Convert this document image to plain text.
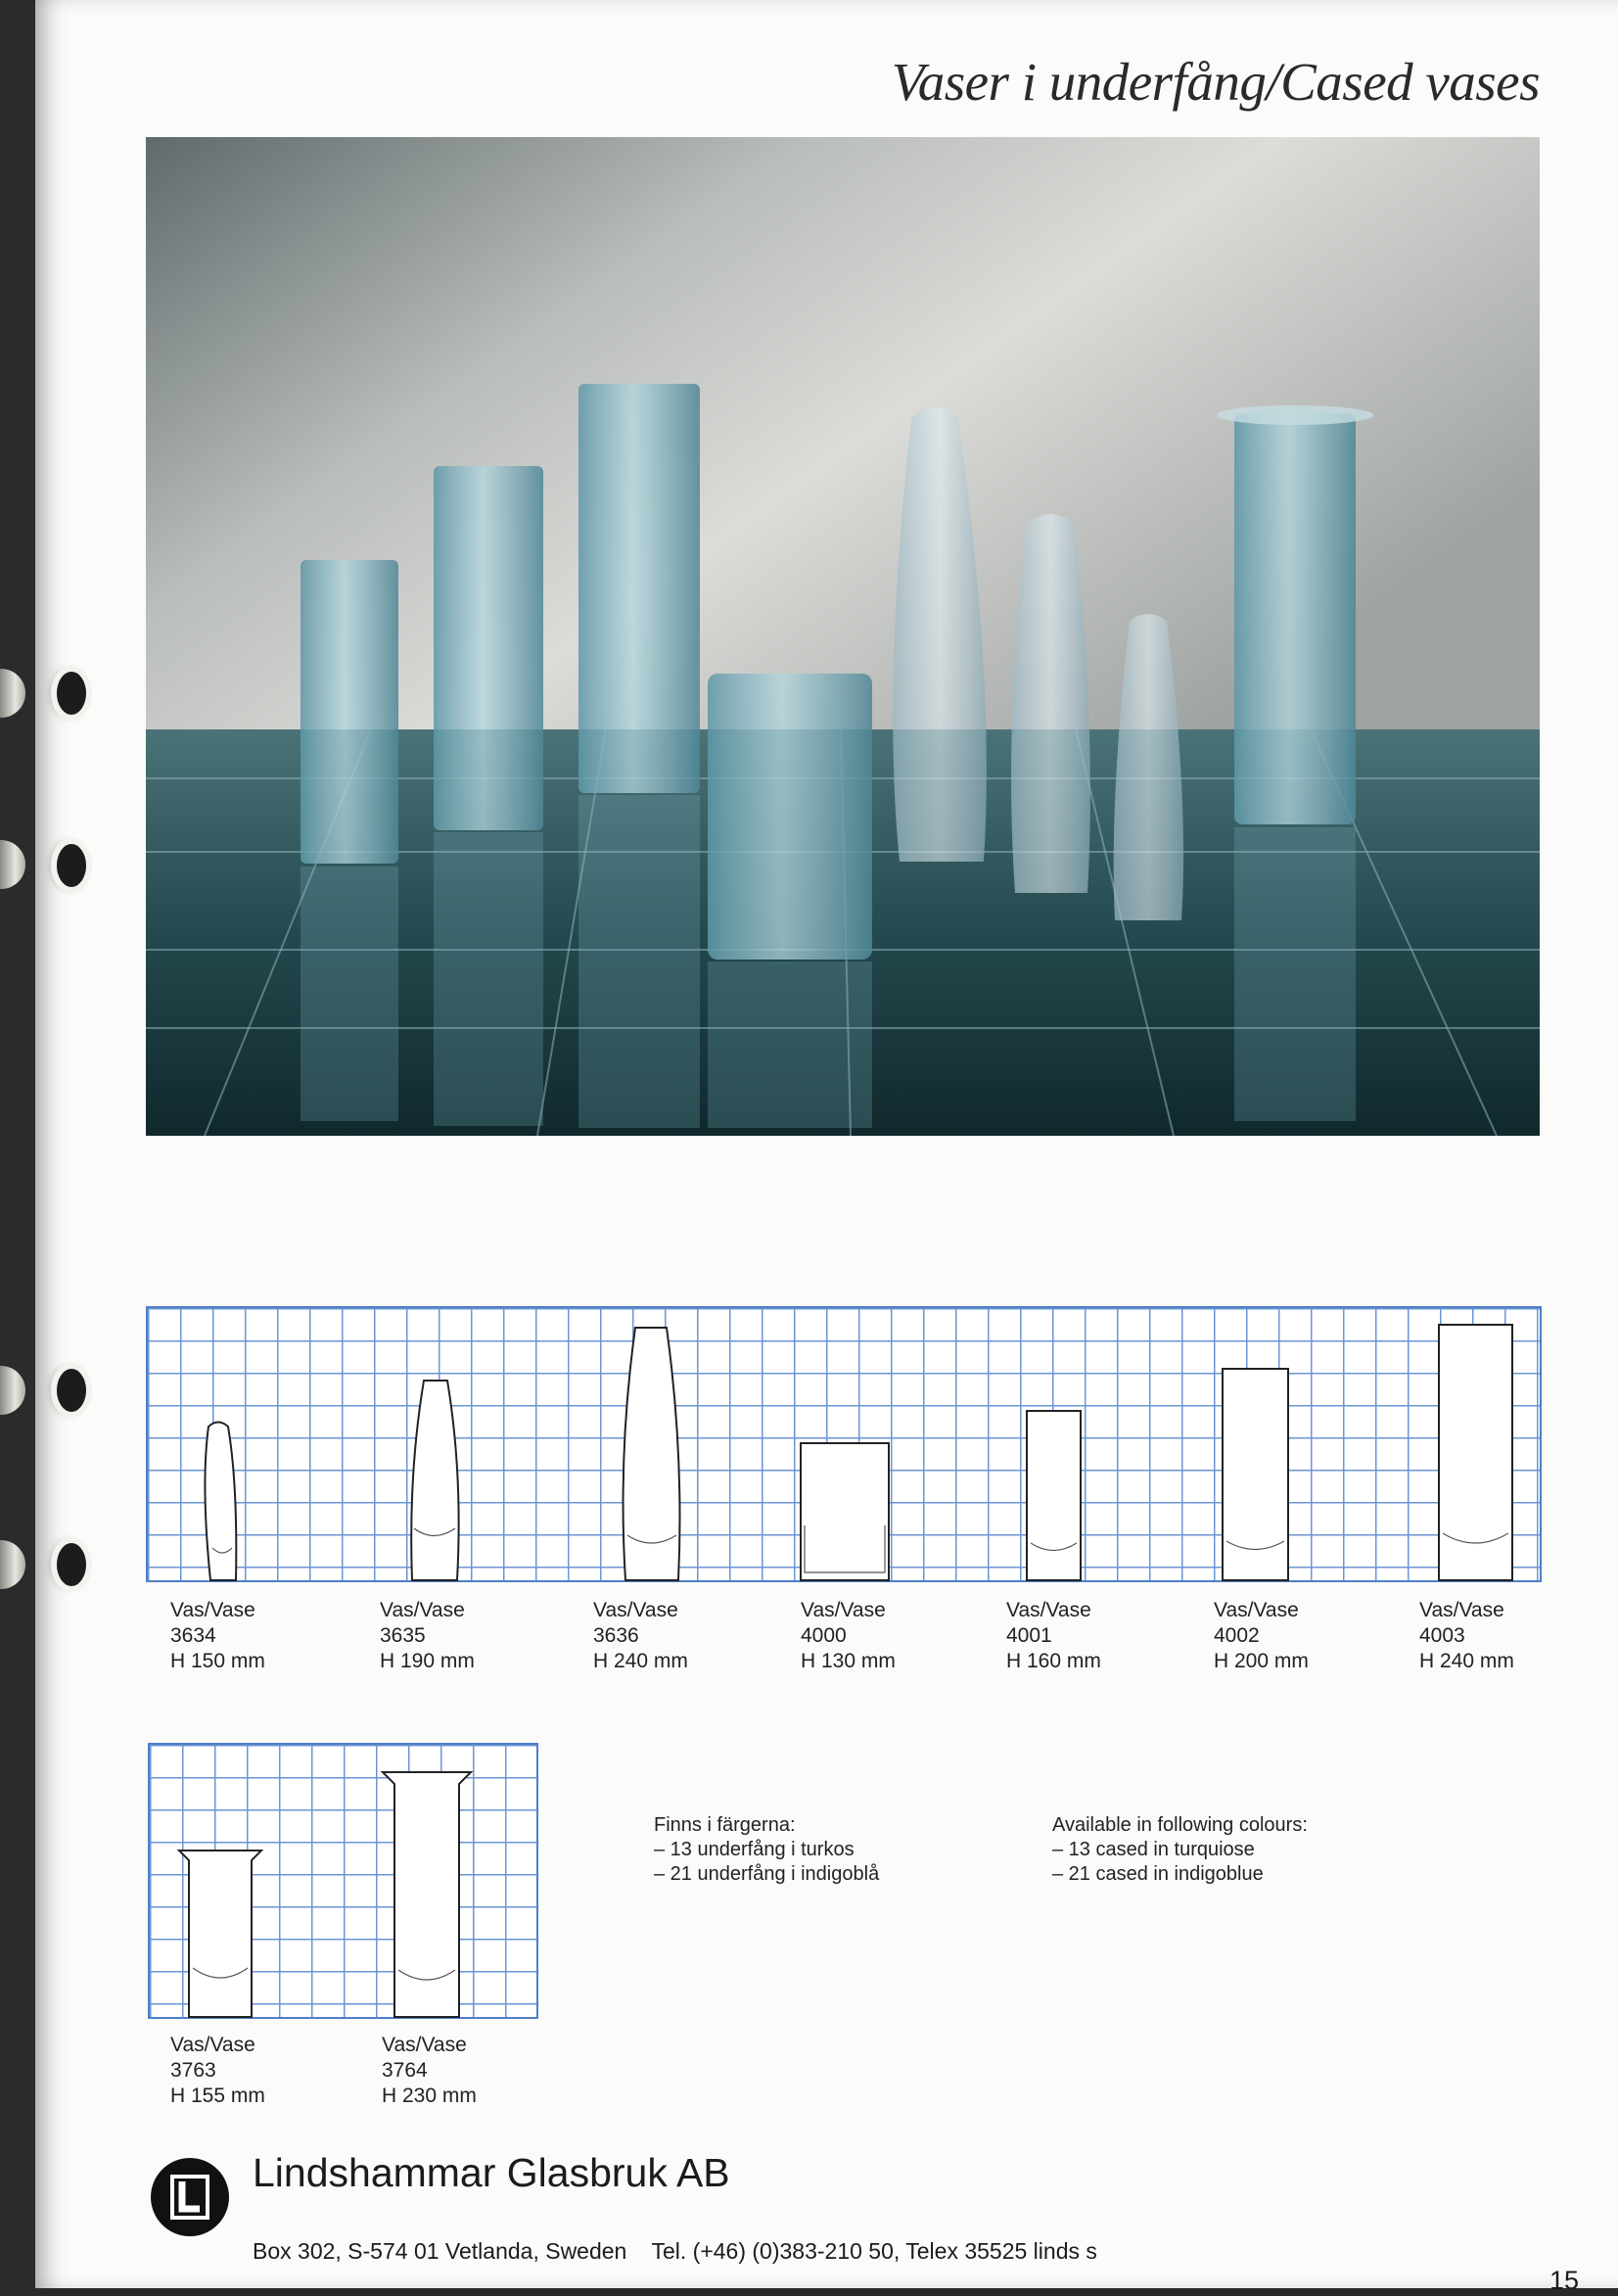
Vaser i underfång/Cased vases
Vas/Vase
3634
H 150 mm
Vas/Vase
3635
H 190 mm
Vas/Vase
3636
H 240 mm
Vas/Vase
4000
H 130 mm
Vas/Vase
4001
H 160 mm
Vas/Vase
4002
H 200 mm
Vas/Vase
4003
H 240 mm
Vas/Vase
3763
H 155 mm
Vas/Vase
3764
H 230 mm
Finns i färgerna:
– 13 underfång i turkos
– 21 underfång i indigoblå
Available in following colours:
– 13 cased in turquiose
– 21 cased in indigoblue
Lindshammar Glasbruk AB
Box 302, S-574 01 Vetlanda, Sweden    Tel. (+46) (0)383-210 50, Telex 35525 linds s
15
